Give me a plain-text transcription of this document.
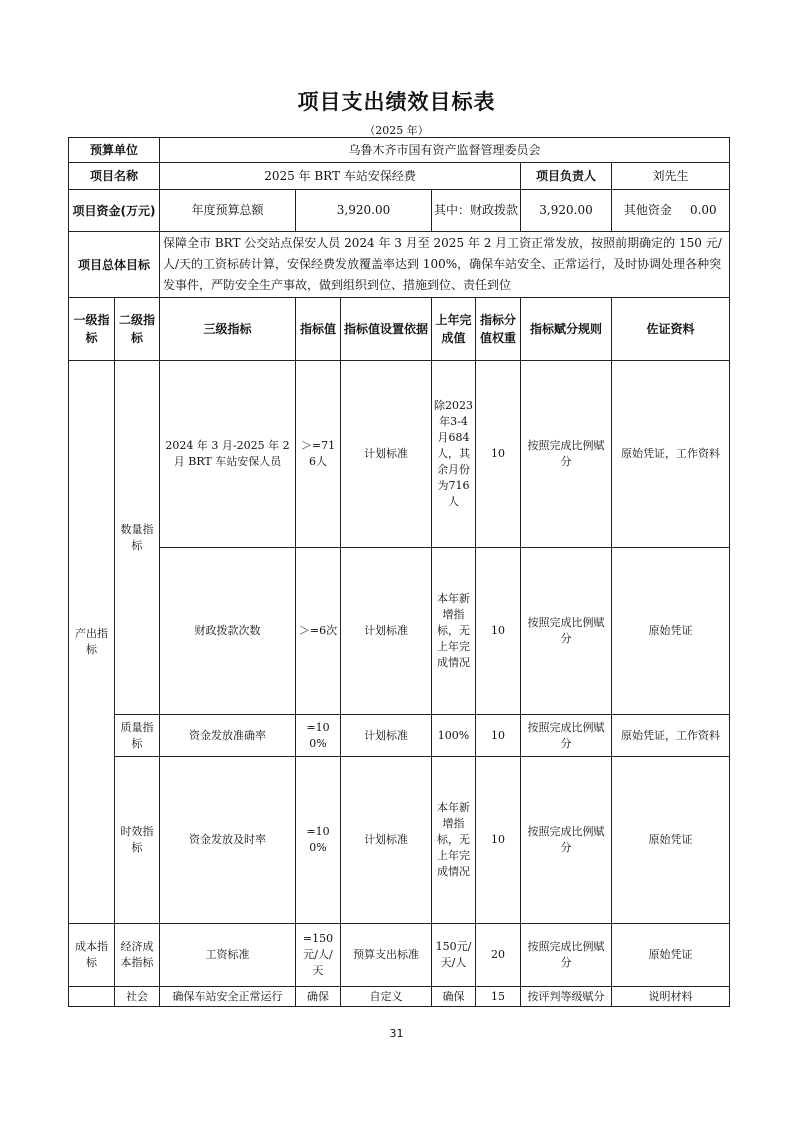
项目支出绩效目标表
（2025 年）
预算单位		乌鲁木齐市国有资产监督管理委员会						
项目名称		2025 年 BRT 车站安保经费					项目负责人	刘先生
项目资金(万元)		年度预算总额	3,920.00		其中：财政拨款		3,920.00	其他资金 0.00
项目总体目标		保障全市 BRT 公交站点保安人员 2024 年 3 月至 2025 年 2 月工资正常发放，按照前期确定的 150 元/人/天的工资标砖计算，安保经费发放覆盖率达到 100%，确保车站安全、正常运行，及时协调处理各种突发事件，严防安全生产事故，做到组织到位、措施到位、责任到位						
一级指标	二级指标	三级指标	指标值	指标值设置依据	上年完成值	指标分值权重	指标赋分规则	佐证资料
产出指标	数量指标	2024 年 3 月-2025 年 2 月 BRT 车站安保人员	＞=716人	计划标准	除2023年3-4月684人，其余月份为716人	10	按照完成比例赋分	原始凭证，工作资料
		财政拨款次数	＞=6次	计划标准	本年新增指标，无上年完成情况	10	按照完成比例赋分	原始凭证
	质量指标	资金发放准确率	=100%	计划标准	100%	10	按照完成比例赋分	原始凭证，工作资料
	时效指标	资金发放及时率	=100%	计划标准	本年新增指标，无上年完成情况	10	按照完成比例赋分	原始凭证
成本指标	经济成本指标	工资标准	=150元/人/天	预算支出标准	150元/天/人	20	按照完成比例赋分	原始凭证
	社会	确保车站安全正常运行	确保	自定义	确保	15	按评判等级赋分	说明材料
31
